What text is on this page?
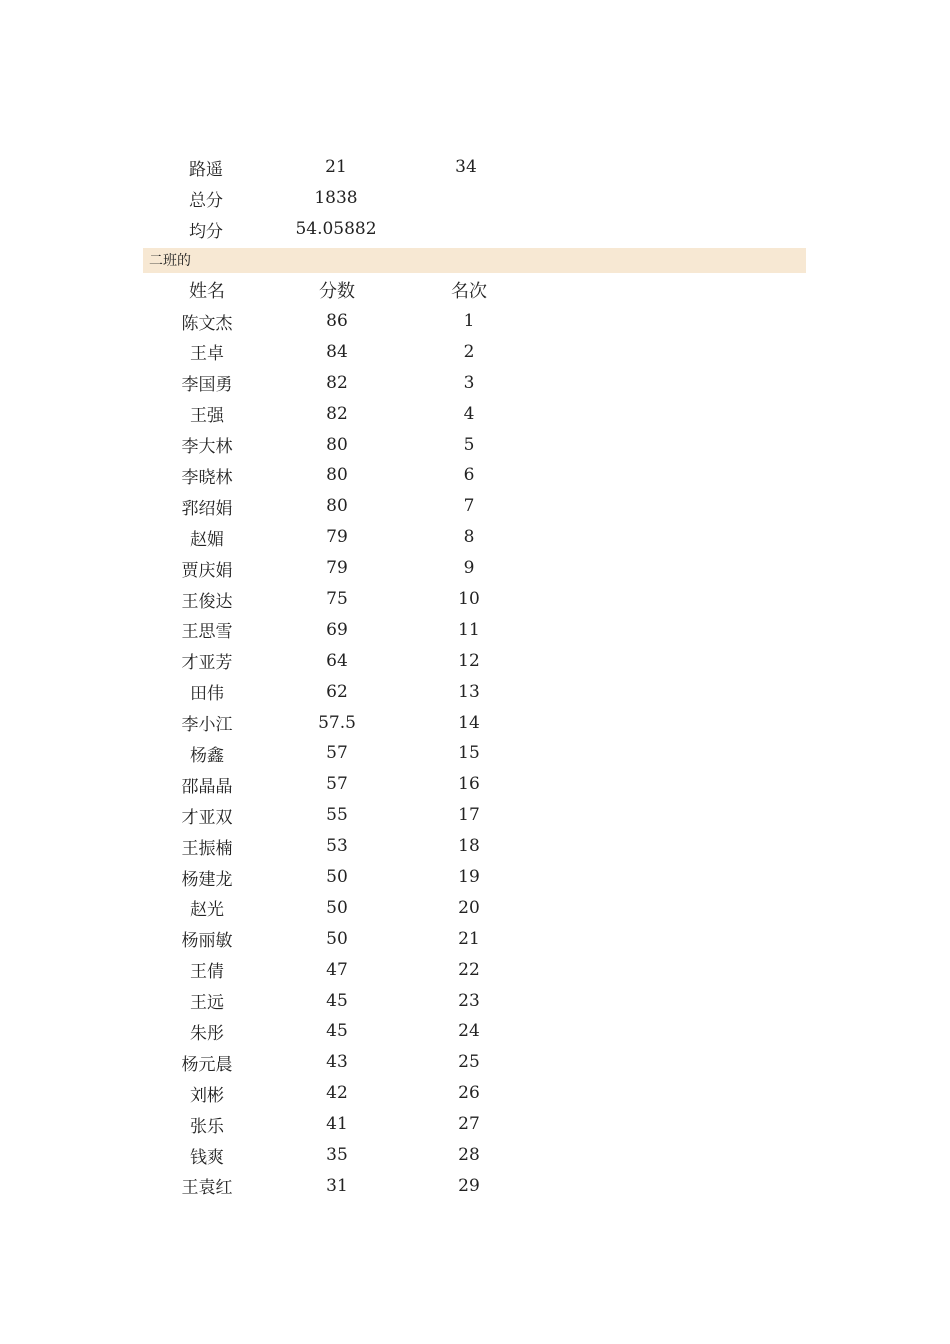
路遥	21	34
总分	1838
均分	54.05882
二班的
姓名	分数	名次
陈文杰	86	1
王卓	84	2
李国勇	82	3
王强	82	4
李大林	80	5
李晓林	80	6
郛绍娟	80	7
赵媚	79	8
贾庆娟	79	9
王俊达	75	10
王思雪	69	11
才亚芳	64	12
田伟	62	13
李小江	57.5	14
杨鑫	57	15
邵晶晶	57	16
才亚双	55	17
王振楠	53	18
杨建龙	50	19
赵光	50	20
杨丽敏	50	21
王倩	47	22
王远	45	23
朱彤	45	24
杨元晨	43	25
刘彬	42	26
张乐	41	27
钱爽	35	28
王袁红	31	29
